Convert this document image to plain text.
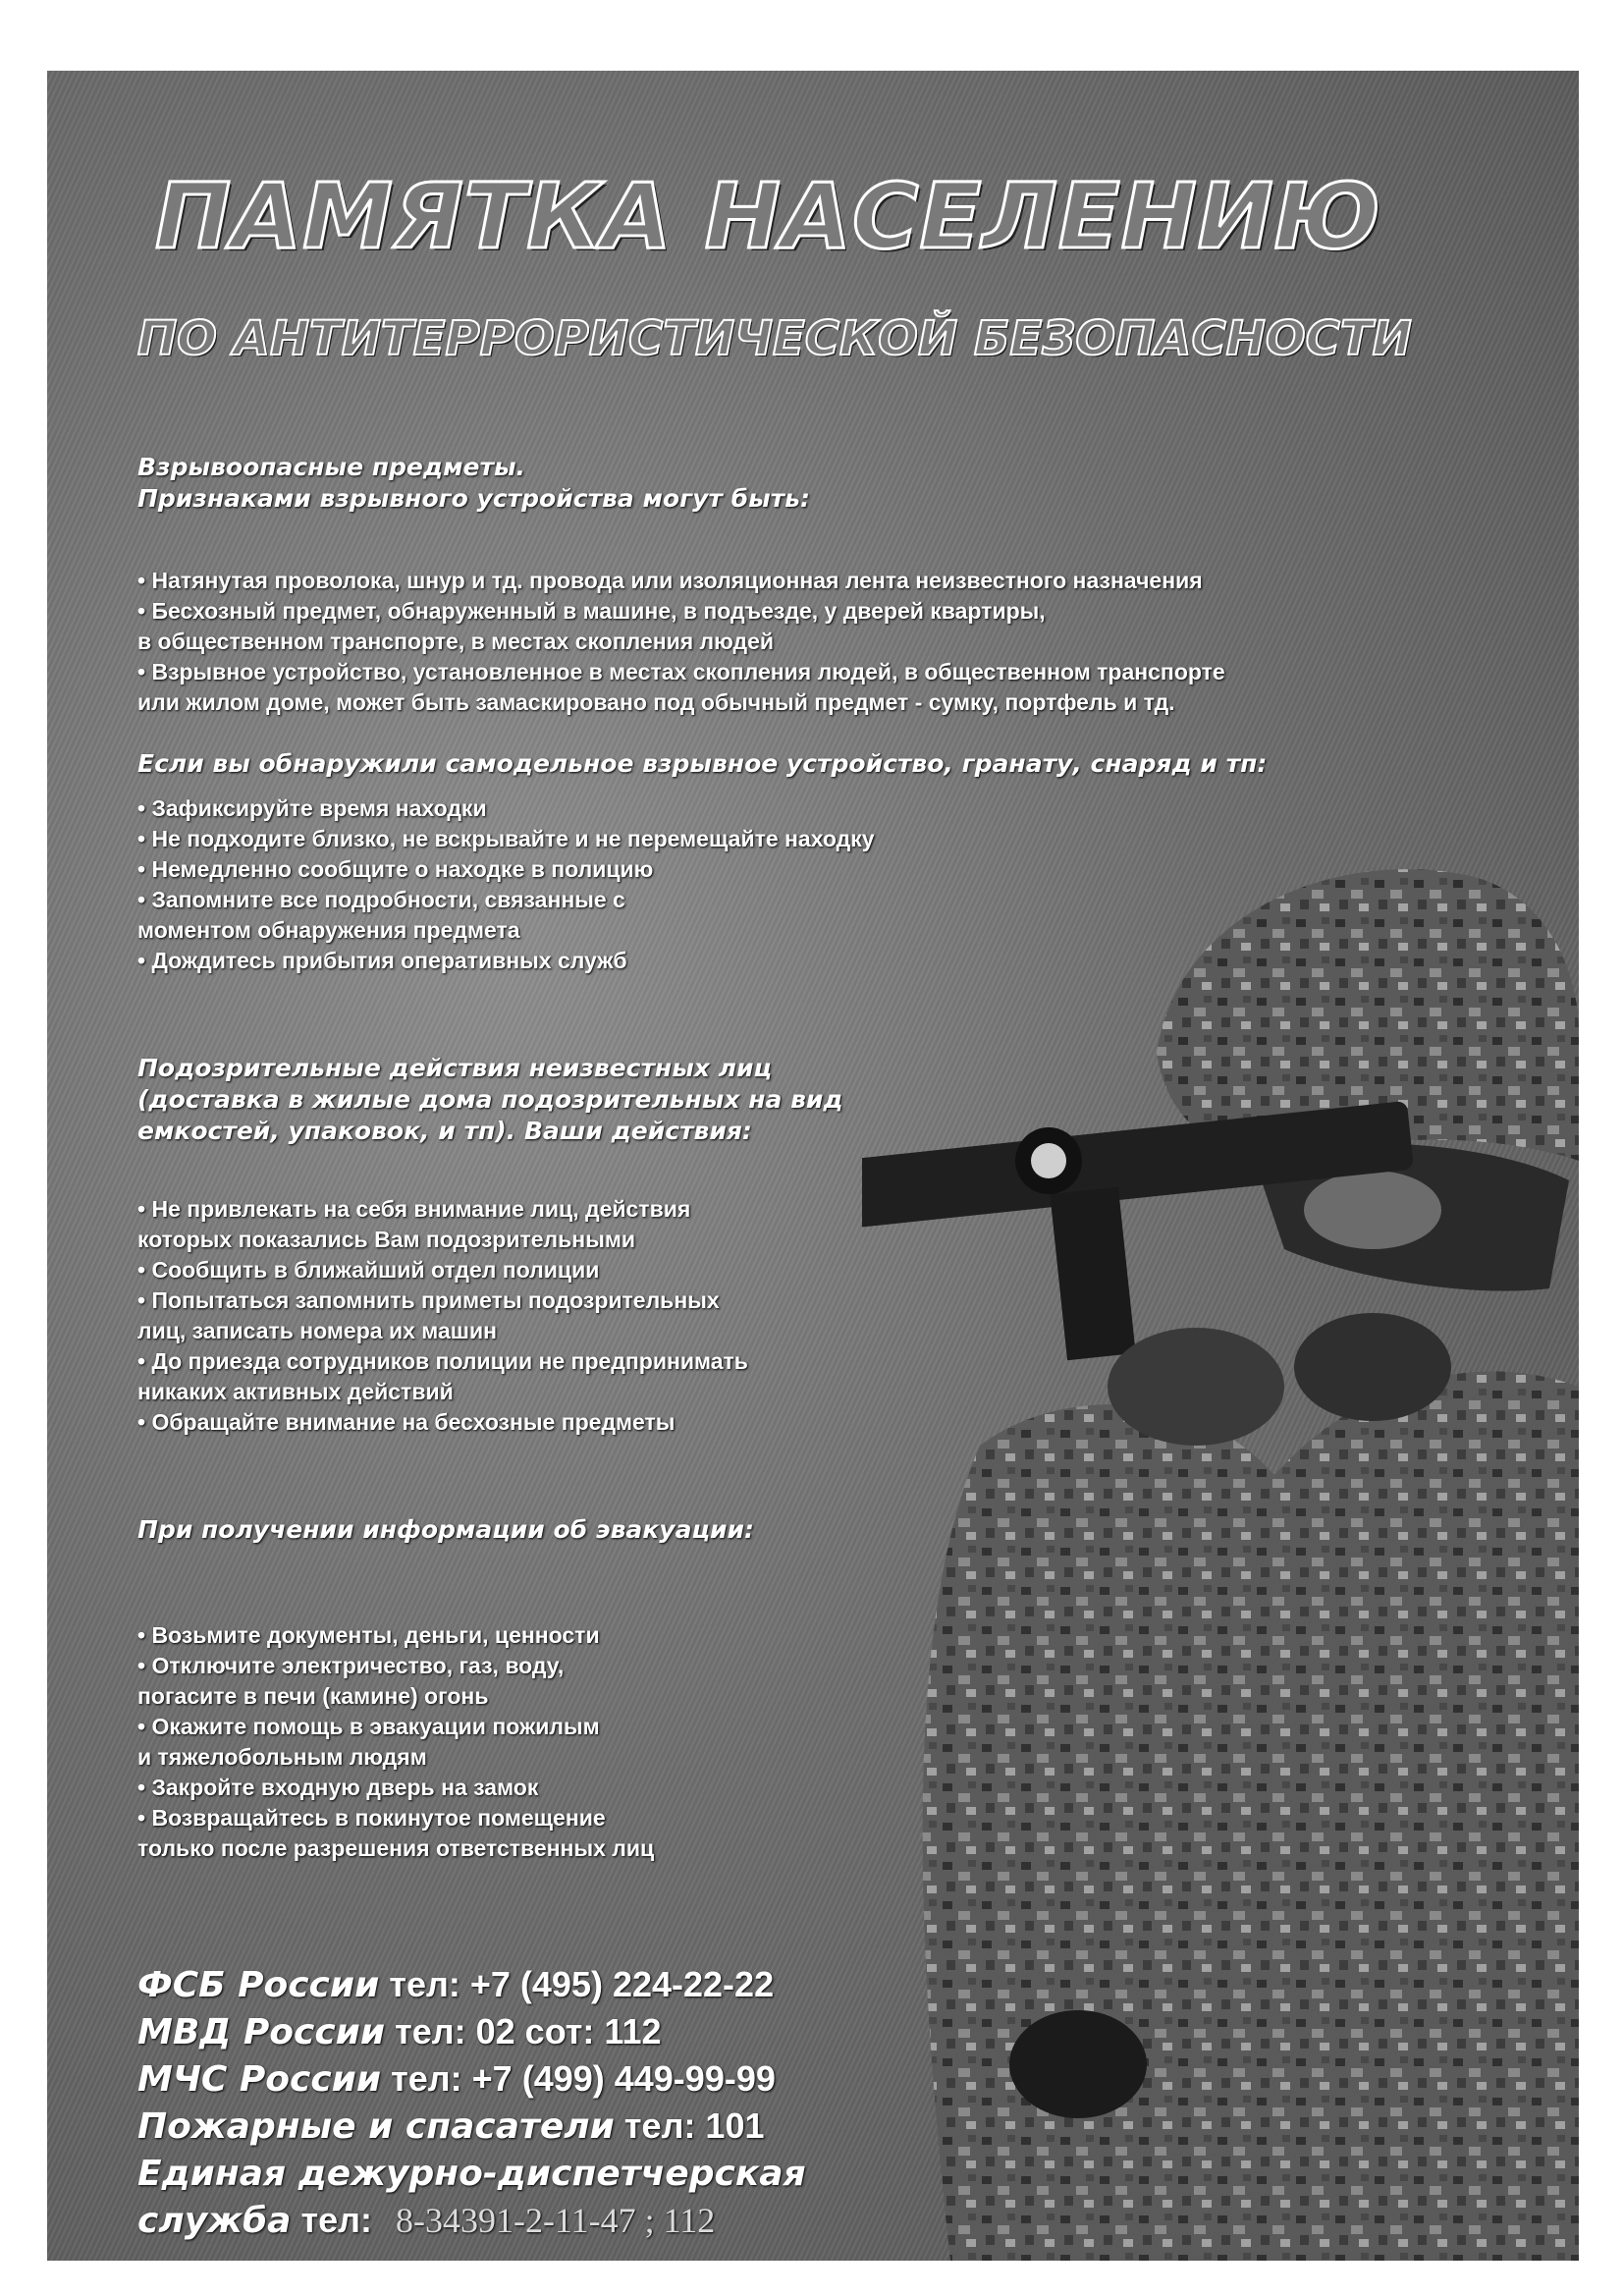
ПАМЯТКА НАСЕЛЕНИЮ
ПО АНТИТЕРРОРИСТИЧЕСКОЙ БЕЗОПАСНОСТИ

Взрывоопасные предметы.

Признаками взрывного устройства могут быть:

• Натянутая проволока, шнур и тд. провода или изоляционная лента неизвестного назначения
• Бесхозный предмет, обнаруженный в машине, в подъезде, у дверей квартиры,
в общественном транспорте, в местах скопления людей
• Взрывное устройство, установленное в местах скопления людей, в общественном транспорте
или жилом доме, может быть замаскировано под обычный предмет - сумку, портфель и тд.

Если вы обнаружили самодельное взрывное устройство, гранату, снаряд и тп:

• Зафиксируйте время находки
• Не подходите близко, не вскрывайте и не перемещайте находку
• Немедленно сообщите о находке в полицию
• Запомните все подробности, связанные с
моментом обнаружения предмета
• Дождитесь прибытия оперативных служб

Подозрительные действия неизвестных лиц

(доставка в жилые дома подозрительных на вид

емкостей, упаковок, и тп). Ваши действия:

• Не привлекать на себя внимание лиц, действия
которых показались Вам подозрительными
• Сообщить в ближайший отдел полиции
• Попытаться запомнить приметы подозрительных
лиц, записать номера их машин
• До приезда сотрудников полиции не предпринимать
никаких активных действий
• Обращайте внимание на бесхозные предметы

При получении информации об эвакуации:

• Возьмите документы, деньги, ценности
• Отключите электричество, газ, воду,
погасите в печи (камине) огонь
• Окажите помощь в эвакуации пожилым
и тяжелобольным людям
• Закройте входную дверь на замок
• Возвращайтесь в покинутое помещение
только после разрешения ответственных лиц
ФСБ России тел: +7 (495) 224-22-22
МВД России тел: 02 сот: 112
МЧС России тел: +7 (499) 449-99-99
Пожарные и спасатели тел: 101
Единая дежурно-диспетчерская
служба тел: 8-34391-2-11-47 ; 112
